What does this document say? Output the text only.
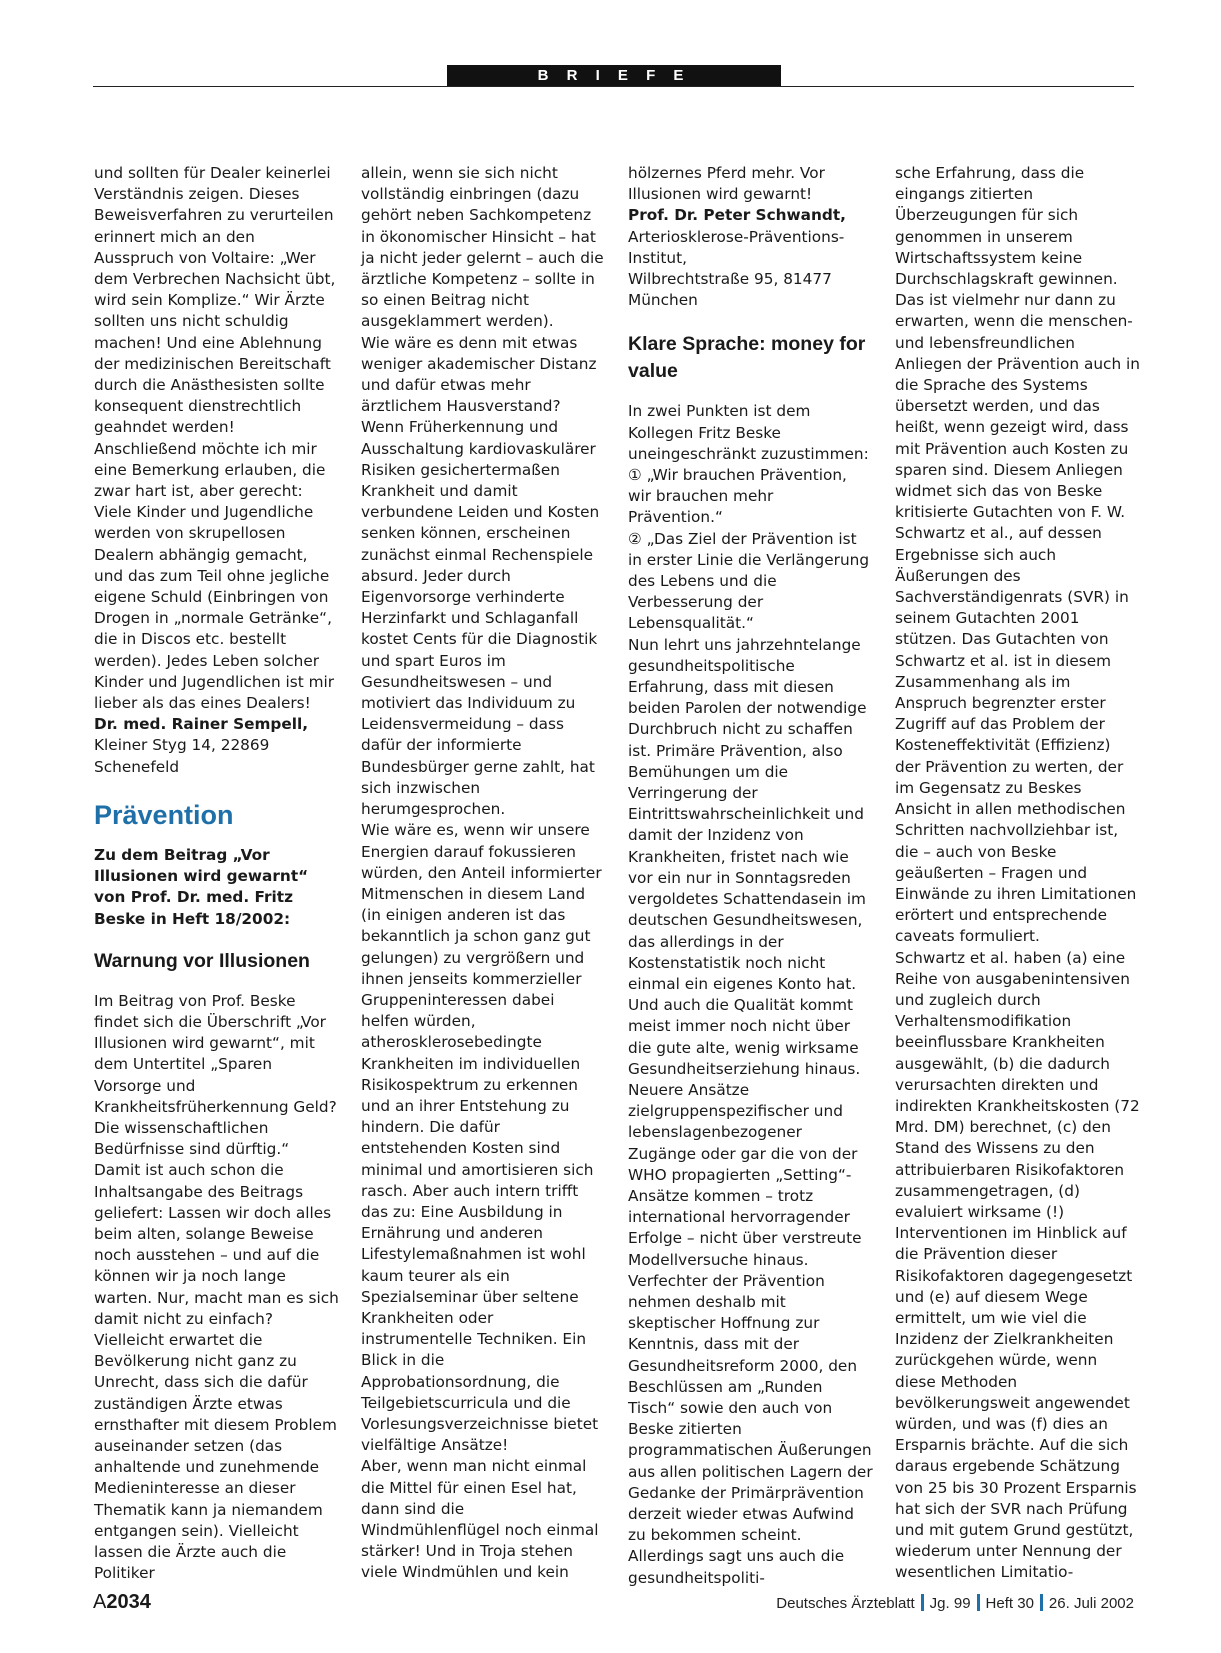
B R I E F E

und sollten für Dealer keinerlei Verständnis zeigen. Dieses Beweisverfahren zu verurteilen erinnert mich an den Ausspruch von Voltaire: „Wer dem Verbrechen Nachsicht übt, wird sein Komplize.“ Wir Ärzte sollten uns nicht schuldig machen! Und eine Ablehnung der medizinischen Bereitschaft durch die Anästhesisten sollte konsequent dienstrechtlich geahndet werden! Anschließend möchte ich mir eine Bemerkung erlauben, die zwar hart ist, aber gerecht: Viele Kinder und Jugendliche werden von skrupellosen Dealern abhängig gemacht, und das zum Teil ohne jegliche eigene Schuld (Einbringen von Drogen in „normale Getränke“, die in Discos etc. bestellt werden). Jedes Leben solcher Kinder und Jugendlichen ist mir lieber als das eines Dealers!

Dr. med. Rainer Sempell,

Kleiner Styg 14, 22869 Schenefeld

Prävention

Zu dem Beitrag „Vor Illusionen wird gewarnt“ von Prof. Dr. med. Fritz Beske in Heft 18/2002:

Warnung vor Illusionen

Im Beitrag von Prof. Beske findet sich die Überschrift „Vor Illusionen wird gewarnt“, mit dem Untertitel „Sparen Vorsorge und Krankheitsfrüherkennung Geld? Die wissenschaftlichen Bedürfnisse sind dürftig.“ Damit ist auch schon die Inhaltsangabe des Beitrags geliefert: Lassen wir doch alles beim alten, solange Beweise noch ausstehen – und auf die können wir ja noch lange warten. Nur, macht man es sich damit nicht zu einfach? Vielleicht erwartet die Bevölkerung nicht ganz zu Unrecht, dass sich die dafür zuständigen Ärzte etwas ernsthafter mit diesem Problem auseinander setzen (das anhaltende und zunehmende Medieninteresse an dieser Thematik kann ja niemandem entgangen sein). Vielleicht lassen die Ärzte auch die Politiker

allein, wenn sie sich nicht vollständig einbringen (dazu gehört neben Sachkompetenz in ökonomischer Hinsicht – hat ja nicht jeder gelernt – auch die ärztliche Kompetenz – sollte in so einen Beitrag nicht ausgeklammert werden).

Wie wäre es denn mit etwas weniger akademischer Distanz und dafür etwas mehr ärztlichem Hausverstand? Wenn Früherkennung und Ausschaltung kardiovaskulärer Risiken gesichertermaßen Krankheit und damit verbundene Leiden und Kosten senken können, erscheinen zunächst einmal Rechenspiele absurd. Jeder durch Eigenvorsorge verhinderte Herzinfarkt und Schlaganfall kostet Cents für die Diagnostik und spart Euros im Gesundheitswesen – und motiviert das Individuum zu Leidensvermeidung – dass dafür der informierte Bundesbürger gerne zahlt, hat sich inzwischen herumgesprochen.

Wie wäre es, wenn wir unsere Energien darauf fokussieren würden, den Anteil informierter Mitmenschen in diesem Land (in einigen anderen ist das bekanntlich ja schon ganz gut gelungen) zu vergrößern und ihnen jenseits kommerzieller Gruppeninteressen dabei helfen würden, atherosklerosebedingte Krankheiten im individuellen Risikospektrum zu erkennen und an ihrer Entstehung zu hindern. Die dafür entstehenden Kosten sind minimal und amortisieren sich rasch. Aber auch intern trifft das zu: Eine Ausbildung in Ernährung und anderen Lifestylemaßnahmen ist wohl kaum teurer als ein Spezialseminar über seltene Krankheiten oder instrumentelle Techniken. Ein Blick in die Approbationsordnung, die Teilgebietscurricula und die Vorlesungsverzeichnisse bietet vielfältige Ansätze!

Aber, wenn man nicht einmal die Mittel für einen Esel hat, dann sind die Windmühlenflügel noch einmal stärker! Und in Troja stehen viele Windmühlen und kein

hölzernes Pferd mehr. Vor Illusionen wird gewarnt!

Prof. Dr. Peter Schwandt,

Arteriosklerose-Präventions-Institut,

Wilbrechtstraße 95, 81477 München

Klare Sprache: money for value

In zwei Punkten ist dem Kollegen Fritz Beske uneingeschränkt zuzustimmen:

① „Wir brauchen Prävention, wir brauchen mehr Prävention.“

② „Das Ziel der Prävention ist in erster Linie die Verlängerung des Lebens und die Verbesserung der Lebensqualität.“

Nun lehrt uns jahrzehntelange gesundheitspolitische Erfahrung, dass mit diesen beiden Parolen der notwendige Durchbruch nicht zu schaffen ist. Primäre Prävention, also Bemühungen um die Verringerung der Eintrittswahrscheinlichkeit und damit der Inzidenz von Krankheiten, fristet nach wie vor ein nur in Sonntagsreden vergoldetes Schattendasein im deutschen Gesundheitswesen, das allerdings in der Kostenstatistik noch nicht einmal ein eigenes Konto hat. Und auch die Qualität kommt meist immer noch nicht über die gute alte, wenig wirksame Gesundheitserziehung hinaus. Neuere Ansätze zielgruppenspezifischer und lebenslagenbezogener Zugänge oder gar die von der WHO propagierten „Setting“-Ansätze kommen – trotz international hervorragender Erfolge – nicht über verstreute Modellversuche hinaus.

Verfechter der Prävention nehmen deshalb mit skeptischer Hoffnung zur Kenntnis, dass mit der Gesundheitsreform 2000, den Beschlüssen am „Runden Tisch“ sowie den auch von Beske zitierten programmatischen Äußerungen aus allen politischen Lagern der Gedanke der Primärprävention derzeit wieder etwas Aufwind zu bekommen scheint. Allerdings sagt uns auch die gesundheitspoliti-

sche Erfahrung, dass die eingangs zitierten Überzeugungen für sich genommen in unserem Wirtschaftssystem keine Durchschlagskraft gewinnen. Das ist vielmehr nur dann zu erwarten, wenn die menschen- und lebensfreundlichen Anliegen der Prävention auch in die Sprache des Systems übersetzt werden, und das heißt, wenn gezeigt wird, dass mit Prävention auch Kosten zu sparen sind. Diesem Anliegen widmet sich das von Beske kritisierte Gutachten von F. W. Schwartz et al., auf dessen Ergebnisse sich auch Äußerungen des Sachverständigenrats (SVR) in seinem Gutachten 2001 stützen. Das Gutachten von Schwartz et al. ist in diesem Zusammenhang als im Anspruch begrenzter erster Zugriff auf das Problem der Kosteneffektivität (Effizienz) der Prävention zu werten, der im Gegensatz zu Beskes Ansicht in allen methodischen Schritten nachvollziehbar ist, die – auch von Beske geäußerten – Fragen und Einwände zu ihren Limitationen erörtert und entsprechende caveats formuliert.

Schwartz et al. haben (a) eine Reihe von ausgabenintensiven und zugleich durch Verhaltensmodifikation beeinflussbare Krankheiten ausgewählt, (b) die dadurch verursachten direkten und indirekten Krankheitskosten (72 Mrd. DM) berechnet, (c) den Stand des Wissens zu den attribuierbaren Risikofaktoren zusammengetragen, (d) evaluiert wirksame (!) Interventionen im Hinblick auf die Prävention dieser Risikofaktoren dagegengesetzt und (e) auf diesem Wege ermittelt, um wie viel die Inzidenz der Zielkrankheiten zurückgehen würde, wenn diese Methoden bevölkerungsweit angewendet würden, und was (f) dies an Ersparnis brächte. Auf die sich daraus ergebende Schätzung von 25 bis 30 Prozent Ersparnis hat sich der SVR nach Prüfung und mit gutem Grund gestützt, wiederum unter Nennung der wesentlichen Limitatio-

A2034	Deutsches Ärzteblatt Jg. 99 Heft 30 26. Juli 2002
